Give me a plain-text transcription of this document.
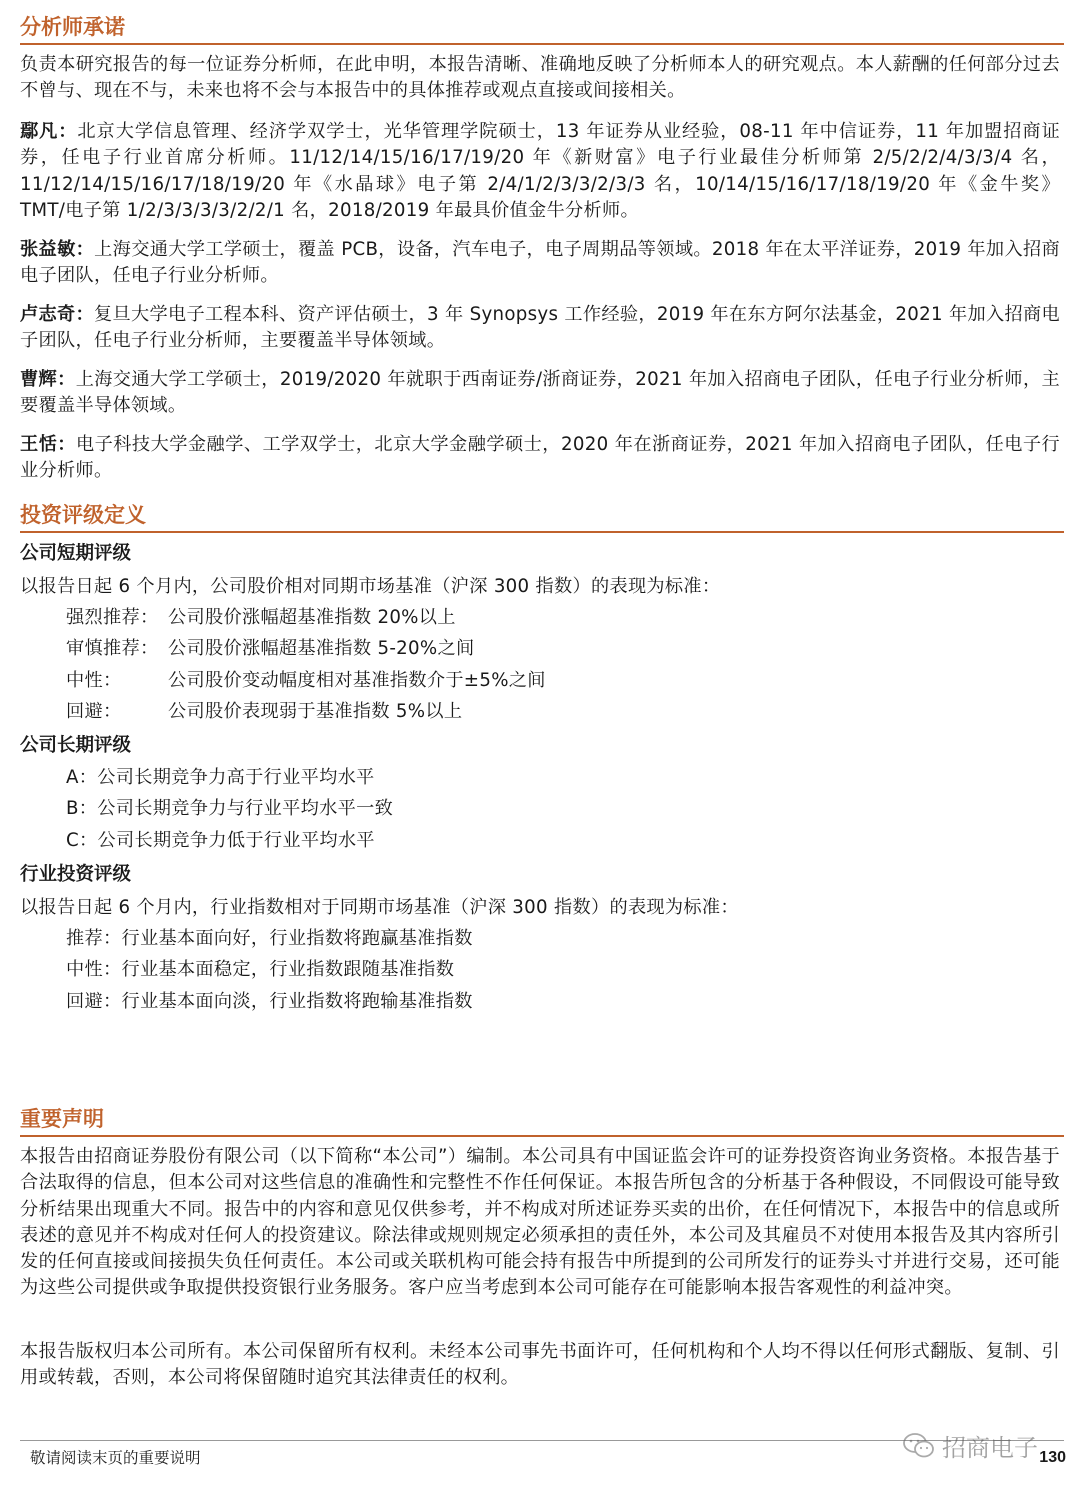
分析师承诺
负责本研究报告的每一位证券分析师，在此申明，本报告清晰、准确地反映了分析师本人的研究观点。本人薪酬的任何部分过去不曾与、现在不与，未来也将不会与本报告中的具体推荐或观点直接或间接相关。
鄢凡：北京大学信息管理、经济学双学士，光华管理学院硕士，13 年证券从业经验，08-11 年中信证券，11 年加盟招商证券，任电子行业首席分析师。11/12/14/15/16/17/19/20 年《新财富》电子行业最佳分析师第 2/5/2/2/4/3/3/4 名，11/12/14/15/16/17/18/19/20 年《水晶球》电子第 2/4/1/2/3/3/2/3/3 名，10/14/15/16/17/18/19/20 年《金牛奖》TMT/电子第 1/2/3/3/3/3/2/2/1 名，2018/2019 年最具价值金牛分析师。
张益敏：上海交通大学工学硕士，覆盖 PCB，设备，汽车电子，电子周期品等领域。2018 年在太平洋证券，2019 年加入招商电子团队，任电子行业分析师。
卢志奇：复旦大学电子工程本科、资产评估硕士，3 年 Synopsys 工作经验，2019 年在东方阿尔法基金，2021 年加入招商电子团队，任电子行业分析师，主要覆盖半导体领域。
曹辉：上海交通大学工学硕士，2019/2020 年就职于西南证券/浙商证券，2021 年加入招商电子团队，任电子行业分析师，主要覆盖半导体领域。
王恬：电子科技大学金融学、工学双学士，北京大学金融学硕士，2020 年在浙商证券，2021 年加入招商电子团队，任电子行业分析师。
投资评级定义
公司短期评级
以报告日起 6 个月内，公司股价相对同期市场基准（沪深 300 指数）的表现为标准：
强烈推荐： 公司股价涨幅超基准指数 20%以上
审慎推荐： 公司股价涨幅超基准指数 5-20%之间
中性：	公司股价变动幅度相对基准指数介于±5%之间
回避：	公司股价表现弱于基准指数 5%以上
公司长期评级
A：公司长期竞争力高于行业平均水平
B：公司长期竞争力与行业平均水平一致
C：公司长期竞争力低于行业平均水平
行业投资评级
以报告日起 6 个月内，行业指数相对于同期市场基准（沪深 300 指数）的表现为标准：
推荐：行业基本面向好，行业指数将跑赢基准指数
中性：行业基本面稳定，行业指数跟随基准指数
回避：行业基本面向淡，行业指数将跑输基准指数
重要声明
本报告由招商证券股份有限公司（以下简称“本公司”）编制。本公司具有中国证监会许可的证券投资咨询业务资格。本报告基于合法取得的信息，但本公司对这些信息的准确性和完整性不作任何保证。本报告所包含的分析基于各种假设，不同假设可能导致分析结果出现重大不同。报告中的内容和意见仅供参考，并不构成对所述证券买卖的出价，在任何情况下，本报告中的信息或所表述的意见并不构成对任何人的投资建议。除法律或规则规定必须承担的责任外，本公司及其雇员不对使用本报告及其内容所引发的任何直接或间接损失负任何责任。本公司或关联机构可能会持有报告中所提到的公司所发行的证券头寸并进行交易，还可能为这些公司提供或争取提供投资银行业务服务。客户应当考虑到本公司可能存在可能影响本报告客观性的利益冲突。
本报告版权归本公司所有。本公司保留所有权利。未经本公司事先书面许可，任何机构和个人均不得以任何形式翻版、复制、引用或转载，否则，本公司将保留随时追究其法律责任的权利。
敬请阅读末页的重要说明	招商电子 130
